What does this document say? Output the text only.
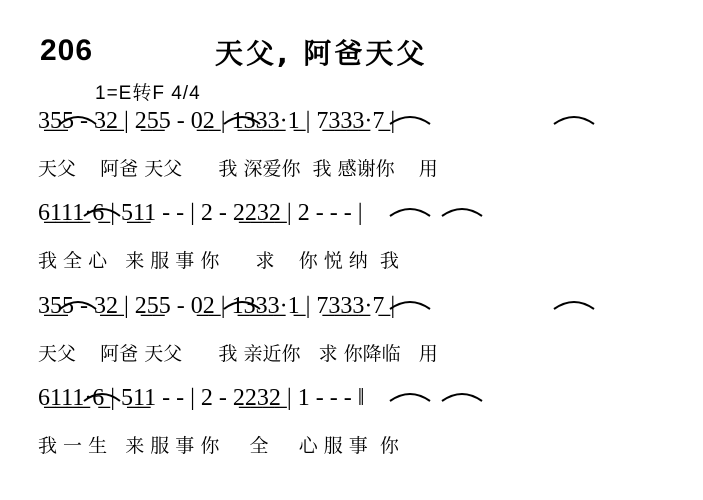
206	天父, 阿爸天父
1=E转F 4/4
3̲5̲5 - 3̲2̲ | 2̲5̲5 - 0̲2̲ | 1̲3̲3̲3̲·1̲ | 7̲3̲3̲3̲·7̲ |
天父    阿爸 天父      我 深爱你  我 感谢你    用
6̲1̲1̲1̲·6̲ | 5̲1̲1 - - | 2 - 2̲2̲3̲2̲ | 2 - - - |
我 全 心   来 服 事 你      求    你 悦 纳  我
3̲5̲5 - 3̲2̲ | 2̲5̲5 - 0̲2̲ | 1̲3̲3̲3̲·1̲ | 7̲3̲3̲3̲·7̲ |
天父    阿爸 天父      我 亲近你   求 你降临   用
6̲1̲1̲1̲·6̲ | 5̲1̲1 - - | 2 - 2̲2̲3̲2̲ | 1 - - - ‖
我 一 生   来 服 事 你     全     心 服 事  你
